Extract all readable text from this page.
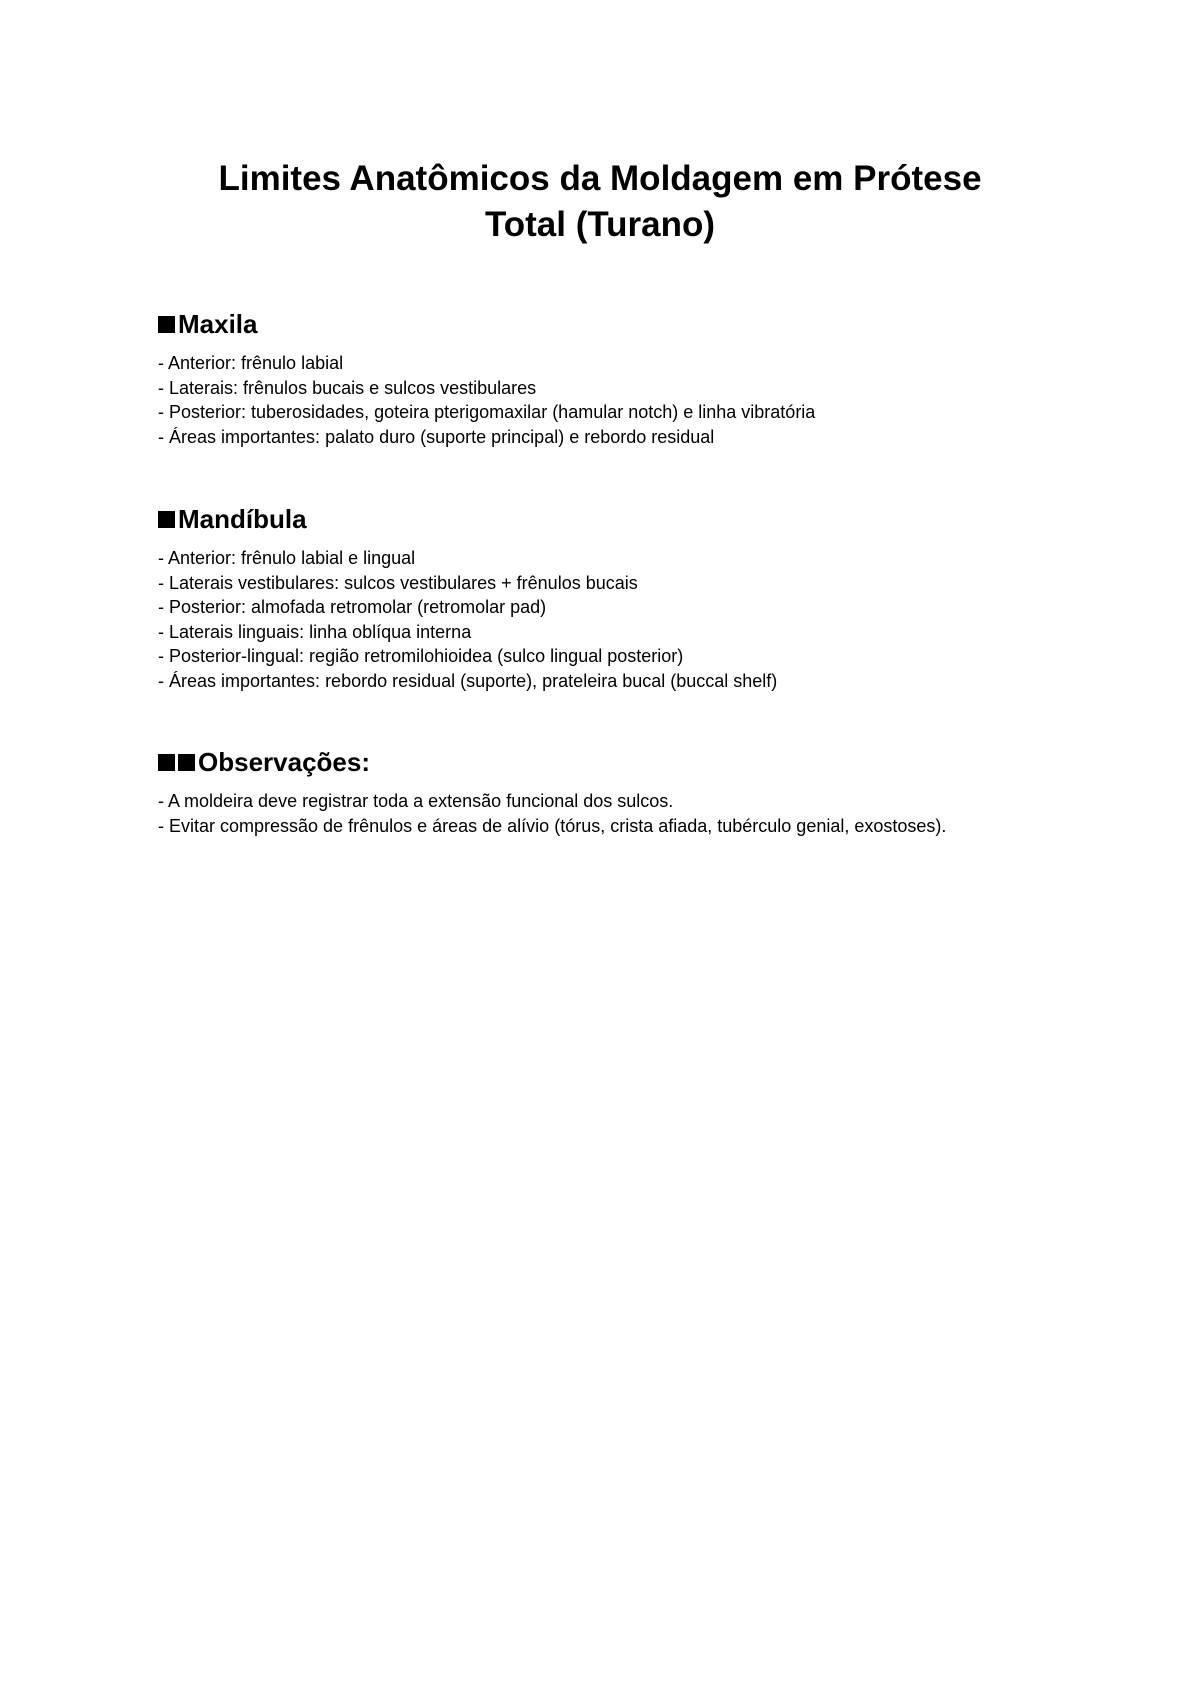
Limites Anatômicos da Moldagem em Prótese
Total (Turano)
Maxila
- Anterior: frênulo labial
- Laterais: frênulos bucais e sulcos vestibulares
- Posterior: tuberosidades, goteira pterigomaxilar (hamular notch) e linha vibratória
- Áreas importantes: palato duro (suporte principal) e rebordo residual
Mandíbula
- Anterior: frênulo labial e lingual
- Laterais vestibulares: sulcos vestibulares + frênulos bucais
- Posterior: almofada retromolar (retromolar pad)
- Laterais linguais: linha oblíqua interna
- Posterior-lingual: região retromilohioidea (sulco lingual posterior)
- Áreas importantes: rebordo residual (suporte), prateleira bucal (buccal shelf)
Observações:
- A moldeira deve registrar toda a extensão funcional dos sulcos.
- Evitar compressão de frênulos e áreas de alívio (tórus, crista afiada, tubérculo genial, exostoses).
